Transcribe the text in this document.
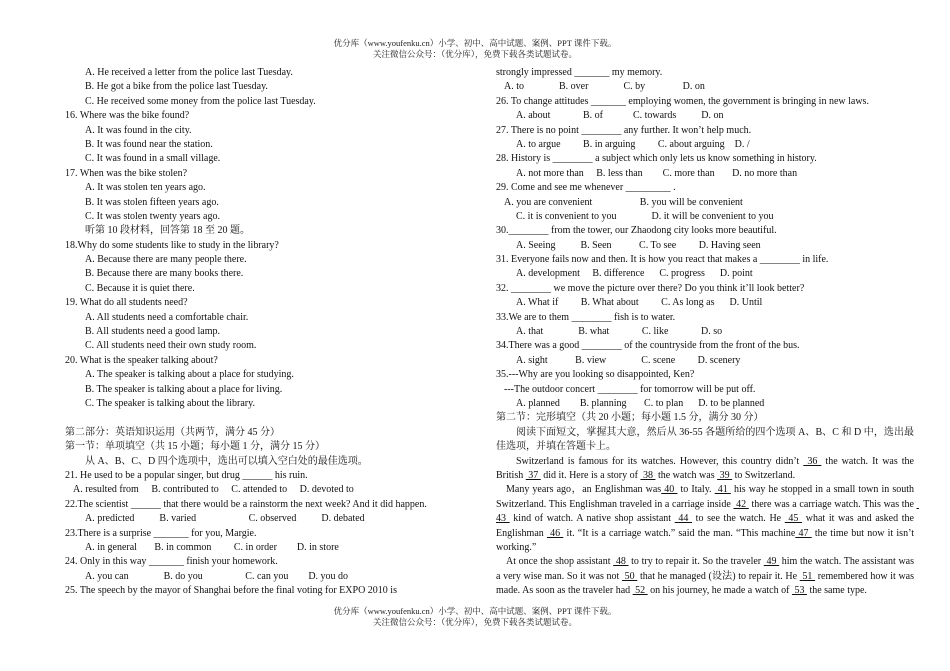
优分库（www.youfenku.cn）小学、初中、高中试题、案例、PPT 课件下载。
关注微信公众号：（优分库），免费下载各类试题试卷。
A. He received a letter from the police last Tuesday.
B. He got a bike from the police last Tuesday.
C. He received some money from the police last Tuesday.
16. Where was the bike found?
A. It was found in the city.
B. It was found near the station.
C. It was found in a small village.
17. When was the bike stolen?
A. It was stolen ten years ago.
B. It was stolen fifteen years ago.
C. It was stolen twenty years ago.
听第 10 段材料，回答第 18 至 20 题。
18.Why do some students like to study in the library?
A. Because there are many people there.
B. Because there are many books there.
C. Because it is quiet there.
19. What do all students need?
A. All students need a comfortable chair.
B. All students need a good lamp.
C. All students need their own study room.
20. What is the speaker talking about?
A. The speaker is talking about a place for studying.
B. The speaker is talking about a place for living.
C. The speaker is talking about the library.
第二部分：英语知识运用（共两节，满分 45 分）
第一节：单项填空（共 15 小题；每小题 1 分，满分 15 分）
从 A、B、C、D 四个选项中，选出可以填入空白处的最佳选项。
21. He used to be a popular singer, but drug ______ his ruin.
A. resulted from     B. contributed to     C. attended to     D. devoted to
22.The scientist ______ that there would be a rainstorm the next week? And it did happen.
A. predicted          B. varied                     C. observed          D. debated
23.There is a surprise _______ for you, Margie.
A. in general       B. in common         C. in order        D. in store
24. Only in this way _______ finish your homework.
A. you can              B. do you                 C. can you        D. you do
25. The speech by the mayor of Shanghai before the final voting for EXPO 2010 is
strongly impressed _______ my memory.
A. to              B. over              C. by               D. on
26. To change attitudes _______ employing women, the government is bringing in new laws.
A. about             B. of            C. towards          D. on
27. There is no point ________ any further. It won’t help much.
A. to argue         B. in arguing         C. about arguing    D. /
28. History is ________ a subject which only lets us know something in history.
A. not more than     B. less than        C. more than       D. no more than
29. Come and see me whenever _________ .
A. you are convenient                   B. you will be convenient
C. it is convenient to you              D. it will be convenient to you
30.________ from the tower, our Zhaodong city looks more beautiful.
A. Seeing          B. Seen           C. To see         D. Having seen
31. Everyone fails now and then. It is how you react that makes a ________ in life.
A. development     B. difference      C. progress      D. point
32. ________ we move the picture over there? Do you think it’ll look better?
A. What if         B. What about         C. As long as      D. Until
33.We are to them ________ fish is to water.
A. that              B. what             C. like             D. so
34.There was a good ________ of the countryside from the front of the bus.
A. sight           B. view              C. scene         D. scenery
35.---Why are you looking so disappointed, Ken?
---The outdoor concert ________ for tomorrow will be put off.
A. planned        B. planning       C. to plan      D. to be planned
第二节：完形填空（共 20 小题；每小题 1.5 分，满分 30 分）
阅读下面短文，掌握其大意，然后从 36-55 各题所给的四个选项 A、B、C 和 D 中，选出最佳选项，并填在答题卡上。
Switzerland is famous for its watches. However, this country didn’t  36  the watch. It was the British  37  did it. Here is a story of  38  the watch was  39  to Switzerland.
Many years ago，an Englishman was 40  to Italy.  41  his way he stopped in a small town in south Switzerland. This Englishman traveled in a carriage inside  42  there was a carriage watch. This was the  43  kind of watch. A native shop assistant  44  to see the watch. He  45  what it was and asked the Englishman  46  it. “It is a carriage watch.” said the man. “This machine 47  the time but now it isn’t working.”
At once the shop assistant  48  to try to repair it. So the traveler  49  him the watch. The assistant was a very wise man. So it was not  50  that he managed (设法) to repair it. He  51  remembered how it was made. As soon as the traveler had  52  on his journey, he made a watch of  53  the same type.
优分库（www.youfenku.cn）小学、初中、高中试题、案例、PPT 课件下载。
关注微信公众号：（优分库），免费下载各类试题试卷。
